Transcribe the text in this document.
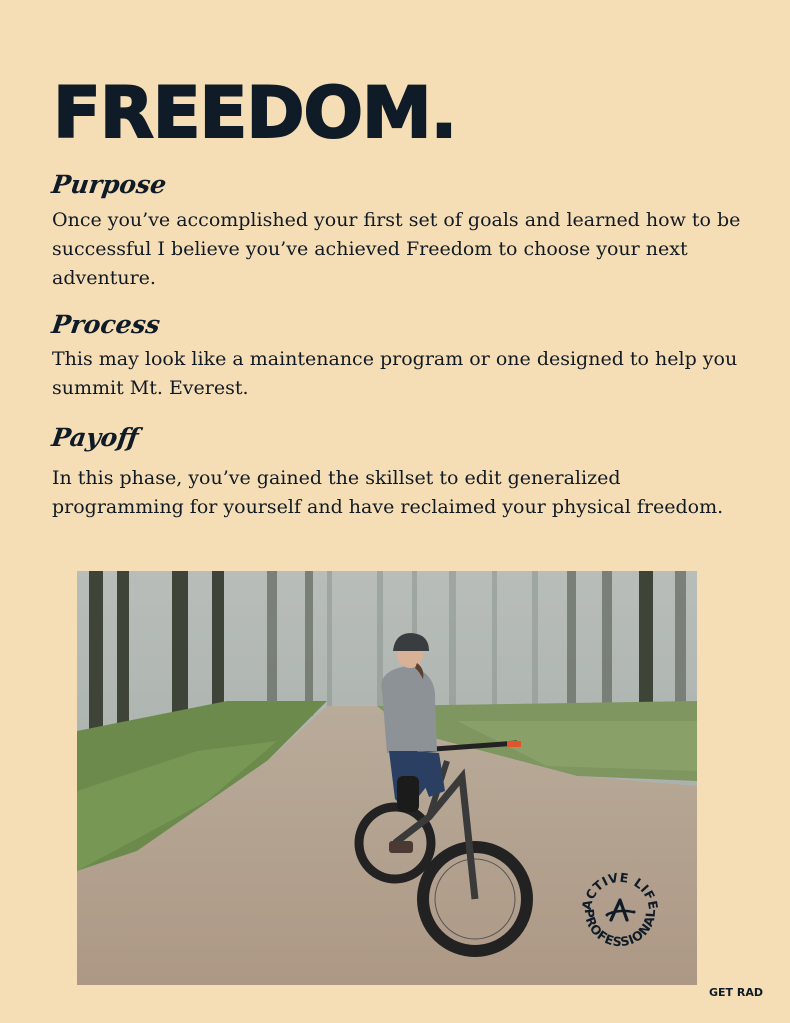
FREEDOM.
Purpose

Once you’ve accomplished your first set of goals and learned how to be successful I believe you’ve achieved Freedom to choose your next adventure.

Process

This may look like a maintenance program or one designed to help you summit Mt. Everest.

Payoff

In this phase, you’ve gained the skillset to edit generalized programming for yourself and have reclaimed your physical freedom.

ACTIVE LIFE
PROFESSIONAL

GET RAD
